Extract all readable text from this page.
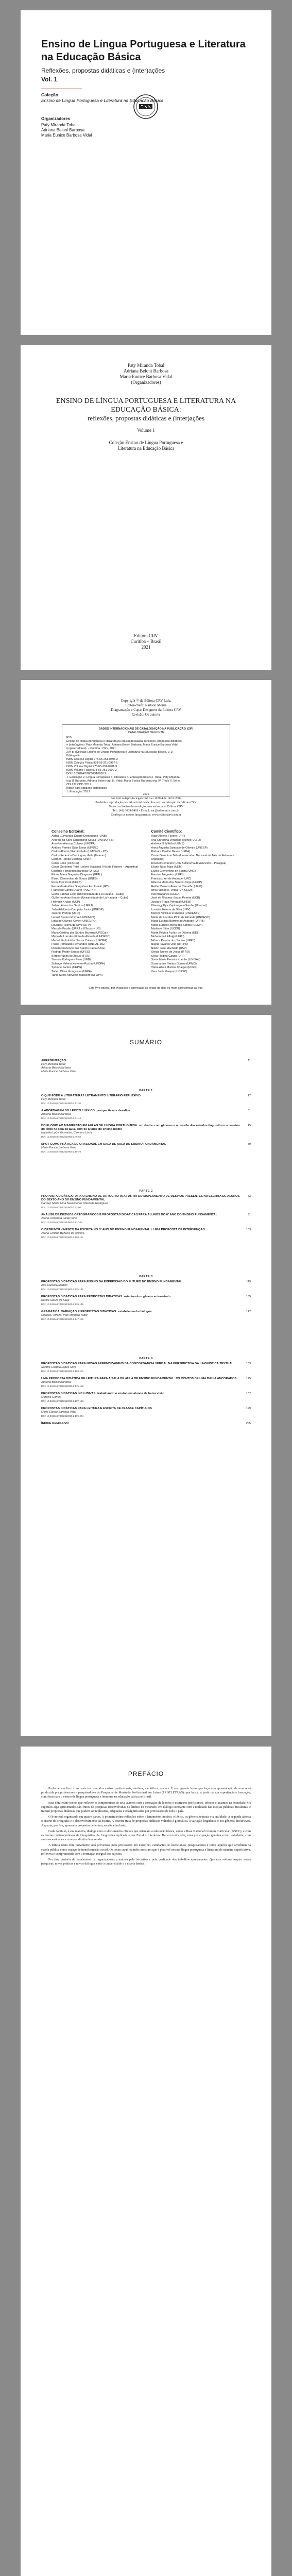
Ensino de Língua Portuguesa e Literatura na Educação Básica
Reflexões, propostas didáticas e (inter)ações
Vol. 1
Coleção
Ensino de Língua Portuguesa e Literatura na Educação Básica
Organizadores
Paty Miranda Tobal
Adriana Beloni Barbosa
Maria Eunice Barbosa Vidal
Paty Miranda Tobal
Adriana Beloni Barbosa
Maria Eunice Barbosa Vidal
(Organizadores)
ENSINO DE LÍNGUA PORTUGUESA E LITERATURA NA EDUCAÇÃO BÁSICA:
reflexões, propostas didáticas e (inter)ações
Volume 1
Coleção Ensino de Língua Portuguesa e
Literatura na Educação Básica
Editora CRV
Curitiba – Brasil
2021
Copyright © da Editora CRV Ltda.
Editor-chefe: Railson Moura
Diagramação e Capa: Designers da Editora CRV
Revisão: Os autores
DADOS INTERNACIONAIS DE CATALOGAÇÃO NA PUBLICAÇÃO (CIP)
CATALOGAÇÃO NA FONTE
E59
Ensino de língua portuguesa e literatura na educação básica: reflexões, propostas didáticas
e (inter)ações / Paty Miranda Tobal, Adriana Beloni Barbosa, Maria Eunice Barbosa Vidal
(organizadores). – Curitiba : CRV, 2021.
204 p. (Coleção Ensino de Língua Portuguesa e Literatura na Educação Básica, v. 1)
Bibliografia
ISBN Coleção Digital 978-65-251-0898-2
ISBN Coleção Física 978-65-251-0897-5
ISBN Volume Digital 978-65-251-0901-9
ISBN Volume Físico 978-65-251-0900-2
DOI 10.24824/978652510900.2
1. Educação 2. Língua Portuguesa 3. Literatura 4. Educação básica I. Tobal, Paty Miranda
org. II. Barbosa, Adriana Beloni org. III. Vidal, Maria Eunice Barbosa org. IV. Título V. Série.
CDU 37 CDD 370.7
Índice para catálogo sistemático
1. Educação 370.7
2021
Foi feito o depósito legal conf. Lei 10.994 de 14/12/2004
Proibida a reprodução parcial ou total desta obra sem autorização da Editora CRV
Todos os direitos desta edição reservados pela: Editora CRV
Tel.: (41) 3039-6418 - E-mail: sac@editoracrv.com.br
Conheça os nossos lançamentos: www.editoracrv.com.br
Conselho Editorial:
Aldira Guimarães Duarte Domínguez (UNB)
Andréia da Silva Quintanilha Sousa (UNIR/UFRN)
Anselmo Alencar Colares (UFOPA)
Antônio Pereira Gaio Júnior (UFRRJ)
Carlos Alberto Vilar Estêvão (UMINHO – PT)
Carlos Federico Dominguez Avila (Unieuro)
Carmen Tereza Velanga (UNIR)
Celso Conti (UFSCar)
Cesar Gerónimo Tello (Univer. Nacional Três de Febrero – Argentina)
Eduardo Fernandes Barbosa (UFMG)
Elione Maria Nogueira Diogenes (UFAL)
Elizeu Clementino de Souza (UNEB)
Élsio José Corá (UFFS)
Fernando Antônio Gonçalves Alcoforado (IPB)
Francisco Carlos Duarte (PUC-PR)
Gloria Fariñas León (Universidade de La Havana – Cuba)
Guillermo Arias Beatón (Universidade de La Havana – Cuba)
Helmuth Krüger (UCP)
Jailson Alves dos Santos (UFRJ)
João Adalberto Campato Junior (UNESP)
Josania Portela (UFPI)
Leonel Severo Rocha (UNISINOS)
Lídia de Oliveira Xavier (UNIEURO)
Lourdes Helena da Silva (UFV)
Marcelo Paixão (UFRJ e UTexas – US)
Maria Cristina dos Santos Bezerra (UFSCar)
Maria de Lourdes Pinto de Almeida (UNOESC)
Maria Lília Imbiriba Sousa Colares (UFOPA)
Paulo Romualdo Hernandes (UNIFAL-MG)
Renato Francisco dos Santos Paula (UFG)
Rodrigo Pratte-Santos (UFES)
Sérgio Nunes de Jesus (IFRO)
Simone Rodrigues Pinto (UNB)
Solange Helena Ximenes-Rocha (UFOPA)
Sydione Santos (UEPG)
Tadeu Oliver Gonçalves (UFPA)
Tania Suely Azevedo Brasileiro (UFOPA)
Comitê Científico:
Altair Alberto Fávero (UPF)
Ana Chrystina Venancio Mignot (UERJ)
Andréia N. Militão (UEMS)
Anna Augusta Sampaio de Oliveira (UNESP)
Barbara Coelho Neves (UFBA)
Cesar Gerónimo Tello (Universidad Nacional de Três de Febrero – Argentina)
Diosnel Centurion (Univ Autónoma de Asunción – Paraguai)
Eliane Rose Maio (UEM)
Elizeu Clementino de Souza (UNEB)
Fauston Negreiros (UFPI)
Francisco Ari de Andrade (UFC)
Gláucia Maria dos Santos Jorge (UFOP)
Helder Buenos Aires de Carvalho (UFPI)
Ilma Passos A. Veiga (UNICEUB)
Inês Bragança (UERJ)
José de Ribamar Sousa Pereira (UCB)
Jussara Fraga Portugal (UNEB)
Kilwangy Kya Kapitango-a-Samba (Unemat)
Lourdes Helena da Silva (UFV)
Marcos Vinicius Francisco (UNOESTE)
Maria de Lourdes Pinto de Almeida (UNOESC)
Maria Eurácia Barreto de Andrade (UFRB)
Maria Lurdes Rocha dos Santos (UEMA)
Mariluce Bittar (UCDB)
Marta Regina Furlan de Oliveira (UEL)
Mohammed Elhajji (UFRJ)
Mônica Pereira dos Santos (UFRJ)
Najela Tavares Ujiie (UTFPR)
Nilson José Machado (USP)
Sérgio Nunes de Jesus (IFRO)
Silvia Regina Canan (URI)
Sonia Maria Ferreira Koehler (UNISAL)
Suzana dos Santos Gomes (UFMG)
Vânia Alves Martins Chaigar (FURG)
Vera Lucia Gaspar (UDESC)
Este livro passou por avaliação e aprovação às cegas de dois ou mais pareceristas ad hoc.
SUMÁRIO
APRESENTAÇÃO	11
Paty Miranda Tobal
Adriana Beloni Barbosa
Maria Eunice Barbosa Vidal
PARTE 1
O QUE PODE A LITERATURA? LETRAMENTO LITERÁRIO REFLEXIVO	17
Paty Miranda Tobal
DOI: 10.24824/978652510900.2.17-30
A ABORDAGEM DO LÉXICO / LÉXICO: perspectivas e desafios	31
Adriana Beloni Barbosa
DOI: 10.24824/978652510900.2.31-44
DO ELOGIO AO MANIFESTO EM AULAS DE LÍNGUA PORTUGUESA: o trabalho com gêneros e o desafio dos estudos linguísticos no ensino do texto na sala de aula, com os alunos do ensino médio
45
Nathália Luíza Giovanini; Carmem Lúcia
DOI: 10.24824/978652510900.2.45-58
SPOT COMO PRÁTICA DE ORALIDADE EM SALA DE AULA DO ENSINO FUNDAMENTAL	59
Maria Eunice Barbosa Vidal
DOI: 10.24824/978652510900.2.59-70
PARTE 2
PROPOSTA DIDÁTICA PARA O ENSINO DE ORTOGRAFIA A PARTIR DO MAPEAMENTO DE DESVIOS PRESENTES NA ESCRITA DE ALUNOS DO SEXTO ANO DO ENSINO FUNDAMENTAL
73
Carmen Maria Lima Nascimento; Marinete Rodrigues
DOI: 10.24824/978652510900.2.73-90
ANÁLISE DE DESVIOS ORTOGRÁFICOS E PROPOSTAS DIDÁTICAS PARA ALUNOS DO 6º ANO DO ENSINO FUNDAMENTAL	91
Joana Fernanda Farias Silva
DOI: 10.24824/978652510900.2.91-102
O DESENVOLVIMENTO DA ESCRITA NO 5º ANO DO ENSINO FUNDAMENTAL I: UMA PROPOSTA DE INTERVENÇÃO	103
Joana Cristina Bezerra de Oliveira
DOI: 10.24824/978652510900.2.103-116
PARTE 3
PROPOSTAS DIDÁTICAS PARA ENSINO DA EXPRESSÃO DO FUTURO NO ENSINO FUNDAMENTAL	119
Ana Carolina Martins
DOI: 10.24824/978652510900.2.119-134
PROPOSTAS DIDÁTICAS PARA PROPOSTAS DIDÁTICAS: orientando o gênero autorretrato	135
Karine Souza da Silva
DOI: 10.24824/978652510900.2.135-146
GRAMÁTICA, VARIAÇÃO E PROPOSTAS DIDÁTICAS: estabelecendo diálogos	147
Cláudia Ferreira; Paty Miranda Tobal
DOI: 10.24824/978652510900.2.147-160
PARTE 4
PROPOSTAS DIDÁTICAS PARA NOVAS APRENDIZAGENS DA CONCORDÂNCIA VERBAL NA PERSPECTIVA DA LINGUÍSTICA TEXTUAL	163
Sandra Cristina Lopes Silva
DOI: 10.24824/978652510900.2.163-174
UMA PROPOSTA DIDÁTICA DE LEITURA PARA A SALA DE AULA DE ENSINO FUNDAMENTAL: OS CONTOS DE UMA BAHIA ANCORADOS	175
Adriana Beloni Barbosa
DOI: 10.24824/978652510900.2.175-186
PROPOSTAS DIDÁTICAS INCLUSIVAS: trabalhando o ensino em alunos de baixa visão	187
Marcelo Gomes
DOI: 10.24824/978652510900.2.187-198
PROPOSTAS DIDÁTICAS PARA LEITURA E ESCRITA DE CLASSE CAPÍTULOS	199
Maria Eunice Barbosa Vidal
DOI: 10.24824/978652510900.2.199-204
ÍNDICE REMISSIVO	205
PREFÁCIO

Prefaciar um livro como este tem sentidos vastos: profissionais, afetivos, científicos, sociais. É com grande honra que faço esta apresentação de uma obra produzida por professores e pesquisadores do Programa de Mestrado Profissional em Letras (PROFLETRAS), que busca, a partir da sua experiência e formação, contribuir para o ensino de língua portuguesa e literatura na educação básica no Brasil.

Esta obra reúne textos que refletem o compromisso de seus autores com a formação de leitores e escritores proficientes, críticos e atuantes na sociedade. Os capítulos aqui apresentados são frutos de pesquisas desenvolvidas no âmbito do mestrado, em diálogo constante com a realidade das escolas públicas brasileiras, e trazem propostas didáticas que podem ser replicadas, adaptadas e ressignificadas por professores de todo o país.

O livro está organizado em quatro partes. A primeira reúne reflexões sobre o letramento literário, o léxico, os gêneros textuais e a oralidade. A segunda aborda o ensino de ortografia e o desenvolvimento da escrita. A terceira trata de propostas didáticas voltadas à gramática, à variação linguística e aos gêneros discursivos. A quarta, por fim, apresenta propostas de leitura, escrita e inclusão.

Cada capítulo, à sua maneira, dialoga com os documentos oficiais que orientam a educação básica, como a Base Nacional Comum Curricular (BNCC), e com as teorias contemporâneas da Linguística, da Linguística Aplicada e dos Estudos Literários. Há, em todos eles, uma preocupação genuína com o estudante, com suas necessidades e com seu direito de aprender.

A leitura desta obra certamente será proveitosa para professores em exercício, estudantes de licenciatura, pesquisadores e todos aqueles que acreditam na escola pública como espaço de transformação social. Os textos aqui reunidos mostram que é possível ensinar língua portuguesa e literatura de maneira significativa, reflexiva e comprometida com a formação integral dos sujeitos.

Por fim, gostaria de parabenizar os organizadores e autores pela iniciativa e pela qualidade dos trabalhos apresentados. Que este volume inspire novas pesquisas, novas práticas e novos diálogos entre a universidade e a escola básica.
